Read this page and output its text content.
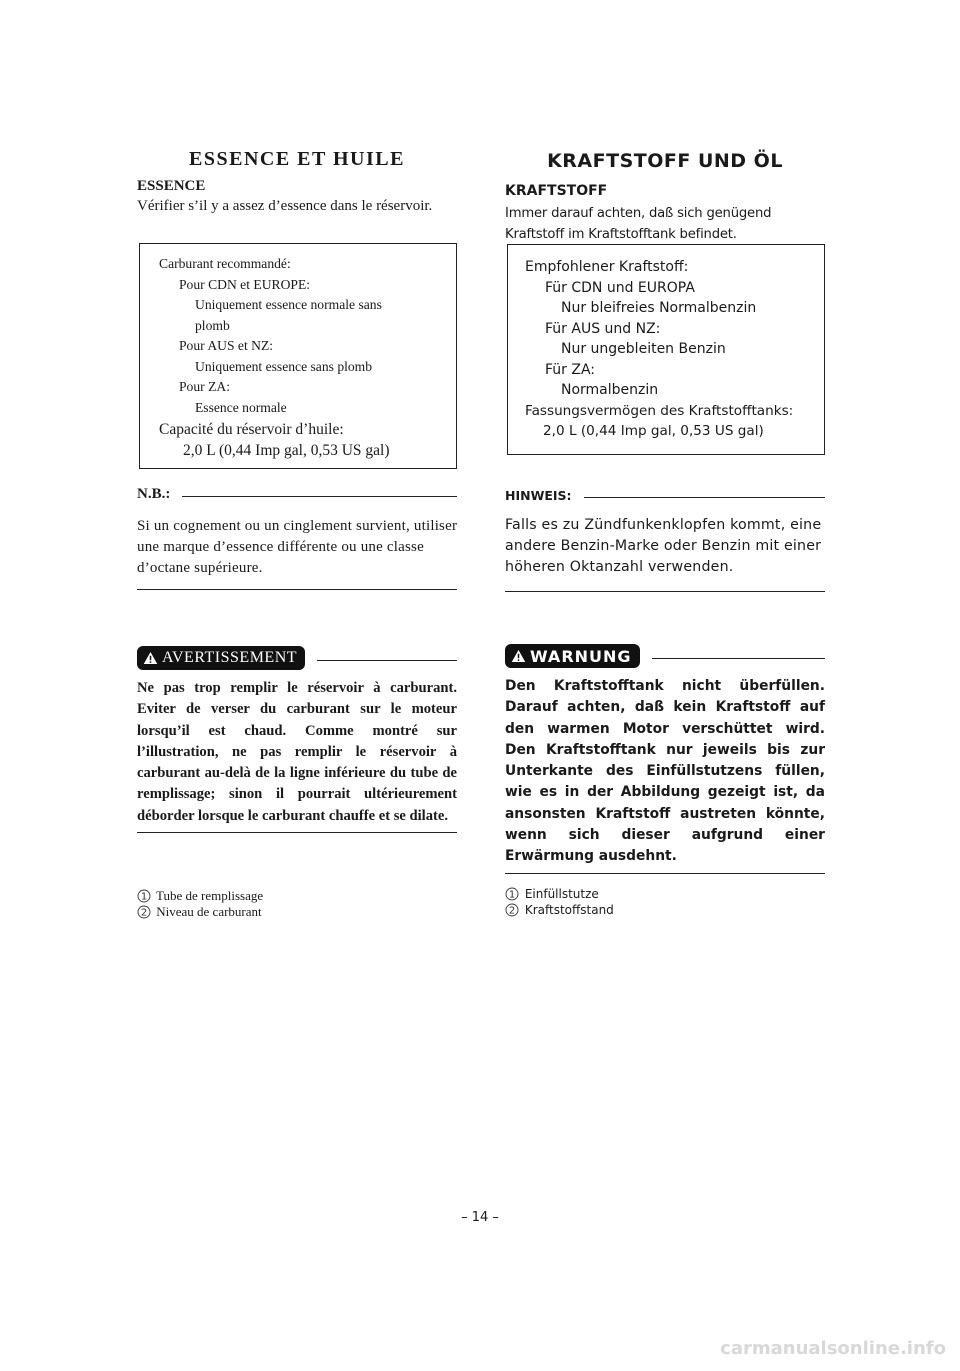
ESSENCE ET HUILE
ESSENCE
Vérifier s’il y a assez d’essence dans le réservoir.
Carburant recommandé:
Pour CDN et EUROPE:
Uniquement essence normale sans
plomb
Pour AUS et NZ:
Uniquement essence sans plomb
Pour ZA:
Essence normale
Capacité du réservoir d’huile:
2,0 L (0,44 Imp gal, 0,53 US gal)
N.B.:
Si un cognement ou un cinglement survient, utiliser une marque d’essence différente ou une classe d’octane supérieure.
AVERTISSEMENT
Ne pas trop remplir le réservoir à carburant. Eviter de verser du carburant sur le moteur lorsqu’il est chaud. Comme montré sur l’illustration, ne pas remplir le réservoir à carburant au-delà de la ligne inférieure du tube de remplissage; sinon il pourrait ultérieurement déborder lorsque le carburant chauffe et se dilate.
1 Tube de remplissage
2 Niveau de carburant
KRAFTSTOFF UND ÖL
KRAFTSTOFF
Immer darauf achten, daß sich genügend Kraftstoff im Kraftstofftank befindet.
Empfohlener Kraftstoff:
Für CDN und EUROPA
Nur bleifreies Normalbenzin
Für AUS und NZ:
Nur ungebleiten Benzin
Für ZA:
Normalbenzin
Fassungsvermögen des Kraftstofftanks:
2,0 L (0,44 Imp gal, 0,53 US gal)
HINWEIS:
Falls es zu Zündfunkenklopfen kommt, eine andere Benzin-Marke oder Benzin mit einer höheren Oktanzahl verwenden.
WARNUNG
Den Kraftstofftank nicht überfüllen. Darauf achten, daß kein Kraftstoff auf den warmen Motor verschüttet wird. Den Kraftstofftank nur jeweils bis zur Unterkante des Einfüllstutzens füllen, wie es in der Abbildung gezeigt ist, da ansonsten Kraftstoff austreten könnte, wenn sich dieser aufgrund einer Erwärmung ausdehnt.
1 Einfüllstutze
2 Kraftstoffstand
– 14 –
carmanualsonline.info
